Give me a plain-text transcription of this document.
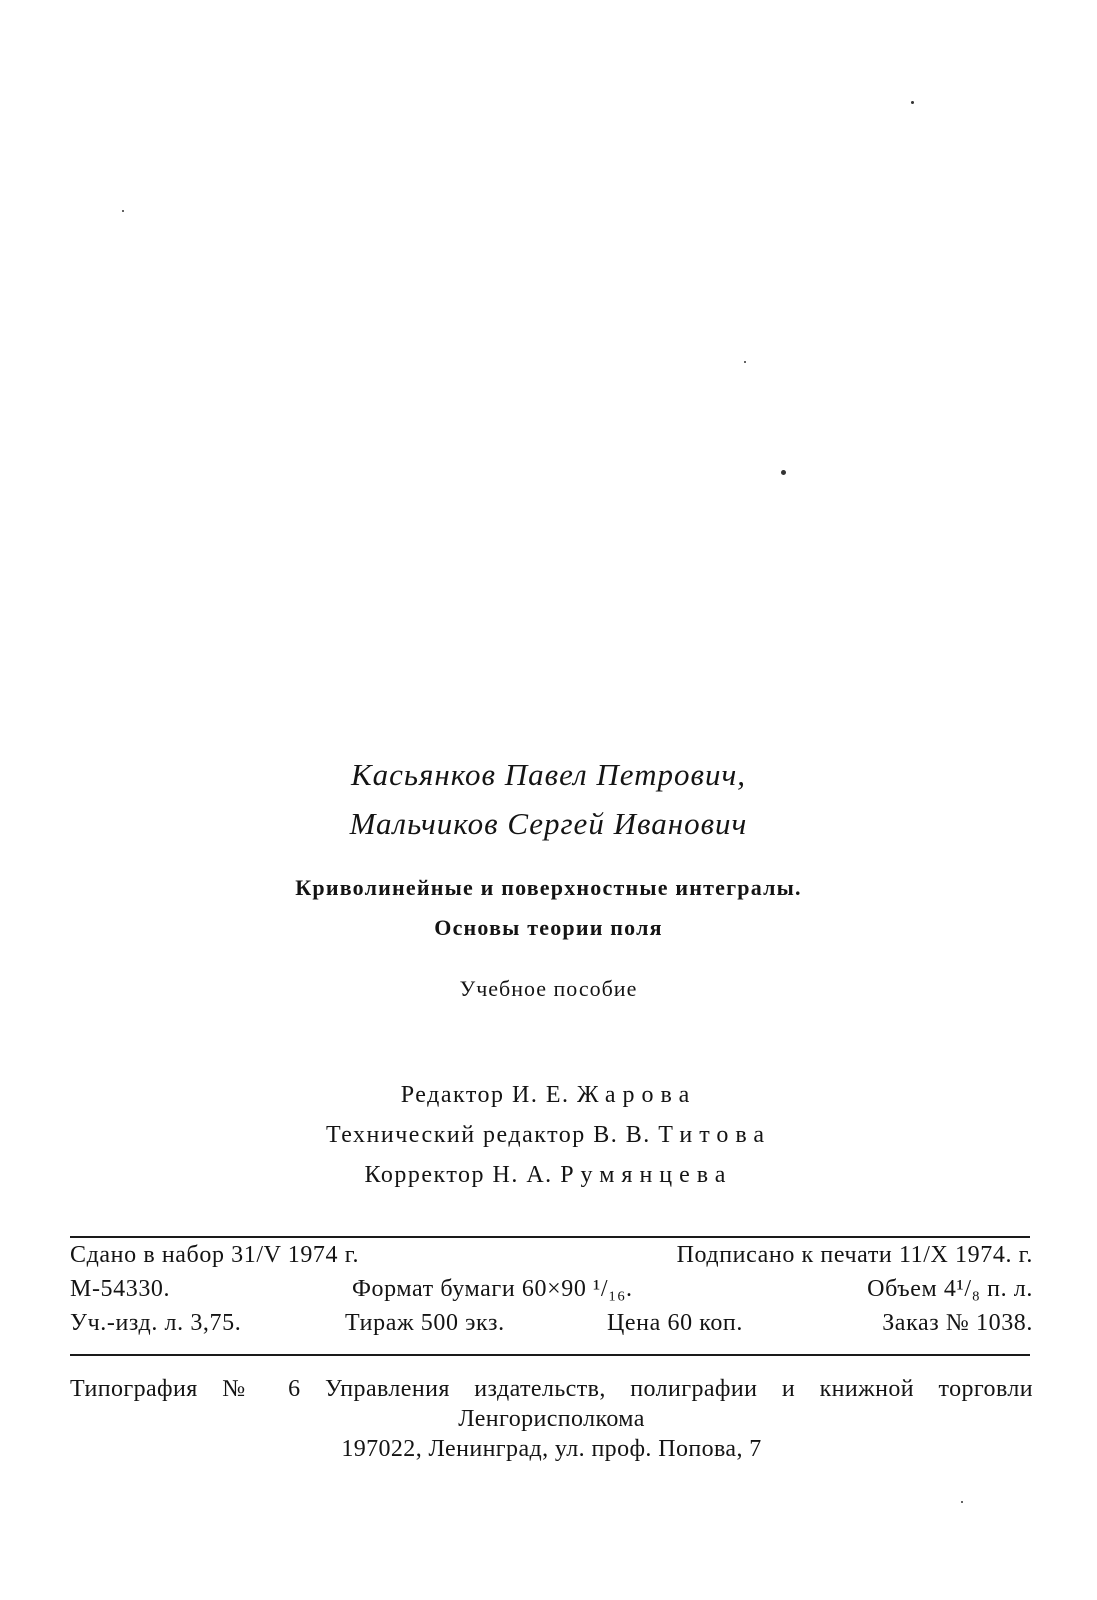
Касьянков Павел Петрович,
Мальчиков Сергей Иванович
Криволинейные и поверхностные интегралы.
Основы теории поля
Учебное пособие
Редактор И. Е. Жарова
Технический редактор В. В. Титова
Корректор Н. А. Румянцева
Сдано в набор 31/V 1974 г.	Подписано к печати 11/X 1974. г.
М-54330.	Формат бумаги 60×90 ¹/₁₆.	Объем 4¹/₈ п. л.
Уч.-изд. л. 3,75.	Тираж 500 экз.	Цена 60 коп.	Заказ № 1038.
Типография № 6 Управления издательств, полиграфии и книжной торговли
Ленгорисполкома
197022, Ленинград, ул. проф. Попова, 7
